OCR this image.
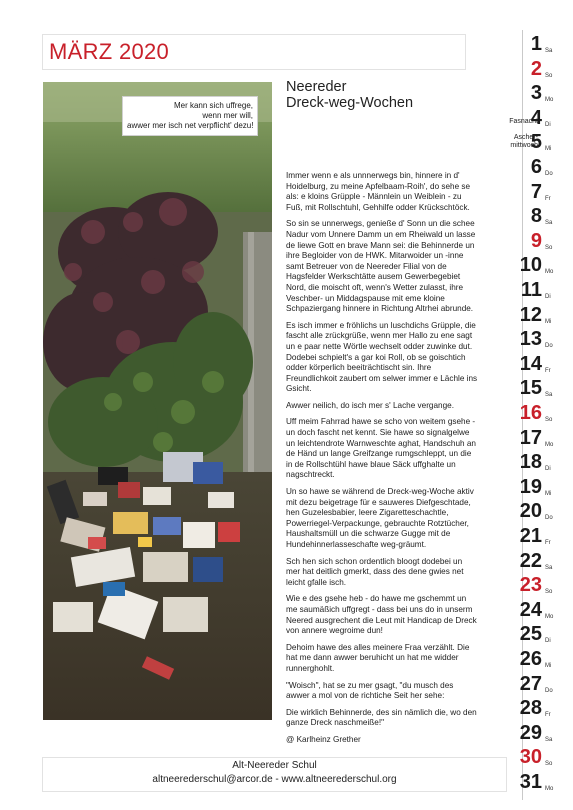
MÄRZ 2020
Mer kann sich uffrege,
wenn mer will,
awwer mer isch net verpflicht' dezu!
Neereder
Dreck-weg-Wochen

Immer wenn e als unnnerwegs bin, hinnere in d' Hoidelburg, zu meine Apfelbaam-Roih', do sehe se als: e kloins Grüpple - Männlein un Weiblein - zu Fuß, mit Rollschtuhl, Gehhilfe odder Krückschtöck.

So sin se unnerwegs, genieße d' Sonn un die schee Nadur vom Unnere Damm un em Rheiwald un lasse de liewe Gott en brave Mann sei: die Behinnerde un ihre Begloider von de HWK. Mitarwoider un -inne samt Betreuer von de Neereder Filial von de Hagsfelder Werkschtätte ausem Gewerbegebiet Nord, die moischt oft, wenn's Wetter zulasst, ihre Veschber- un Middagspause mit eme kloine Schpaziergang hinnere in Richtung Altrhei abrunde.

Es isch immer e fröhlichs un luschdichs Grüpple, die fascht alle zrückgrüße, wenn mer Hallo zu ene sagt un e paar nette Wörtle wechselt odder zuwinke dut. Dodebei schpielt's a gar koi Roll, ob se goischtich odder körperlich beeiträchtischt sin. Ihre Freundlichkoit zaubert om selwer immer e Lächle ins Gsicht.

Awwer neilich, do isch mer s' Lache vergange.

Uff meim Fahrrad hawe se scho von weitem gsehe - un doch fascht net kennt. Sie hawe so signalgelwe un leichtendrote Warnweschte aghat, Handschuh an de Händ un lange Greifzange rumgschleppt, un die in de Rollschtühl hawe blaue Säck uffghalte un nagschtreckt.

Un so hawe se während de Dreck-weg-Woche aktiv mit dezu beigetrage für e sauweres Diefgeschtade, hen Guzelesbabier, leere Zigaretteschachtle, Powerriegel-Verpackunge, gebrauchte Rotztücher, Haushaltsmüll un die schwarze Gugge mit de Hundehinnerlasseschafte weg-gräumt.

Sch hen sich schon ordentlich bloogt dodebei un mer hat deitlich gmerkt, dass des dene gwies net leicht gfalle isch.

Wie e des gsehe heb - do hawe me gschemmt un me saumäßich uffgregt - dass bei uns do in unserm Neered ausgrechent die Leut mit Handicap de Dreck von annere wegroime dun!

Dehoim hawe des alles meinere Fraa verzählt. Die hat me dann awwer beruhicht un hat me widder runnerghohlt.

"Woisch", hat se zu mer gsagt, "du musch des awwer a mol von de richtiche Seit her sehe:

Die wirklich Behinnerde, des sin nämlich die, wo den ganze Dreck naschmeiße!"

@ Karlheinz Grether

Alt-Neereder Schul
altneerederschul@arcor.de - www.altneerederschul.org
1 Sa
2 So
3 Mo
4 Di
Fasnacht
5 Mi
Ascher-
mittwoch
6 Do
7 Fr
8 Sa
9 So
10 Mo
11 Di
12 Mi
13 Do
14 Fr
15 Sa
16 So
17 Mo
18 Di
19 Mi
20 Do
21 Fr
22 Sa
23 So
24 Mo
25 Di
26 Mi
27 Do
28 Fr
29 Sa
30 So
31 Mo
